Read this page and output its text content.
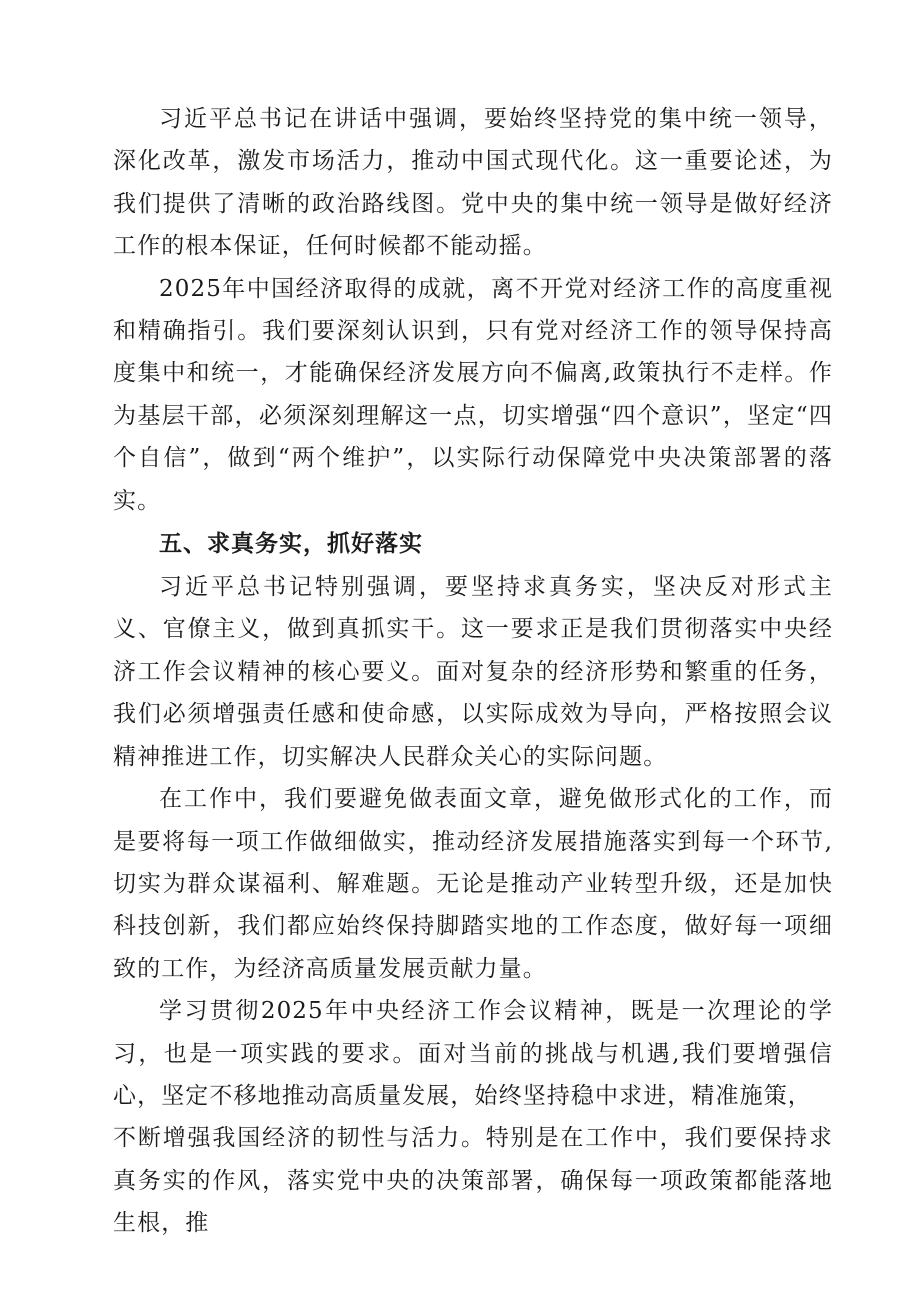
习近平总书记在讲话中强调，要始终坚持党的集中统一领导，深化改革，激发市场活力，推动中国式现代化。这一重要论述，为我们提供了清晰的政治路线图。党中央的集中统一领导是做好经济工作的根本保证，任何时候都不能动摇。

2025年中国经济取得的成就，离不开党对经济工作的高度重视和精确指引。我们要深刻认识到，只有党对经济工作的领导保持高度集中和统一，才能确保经济发展方向不偏离,政策执行不走样。作为基层干部，必须深刻理解这一点，切实增强“四个意识”，坚定“四个自信”，做到“两个维护”，以实际行动保障党中央决策部署的落实。

五、求真务实，抓好落实

习近平总书记特别强调，要坚持求真务实，坚决反对形式主义、官僚主义，做到真抓实干。这一要求正是我们贯彻落实中央经济工作会议精神的核心要义。面对复杂的经济形势和繁重的任务，我们必须增强责任感和使命感，以实际成效为导向，严格按照会议精神推进工作，切实解决人民群众关心的实际问题。

在工作中，我们要避免做表面文章，避免做形式化的工作，而是要将每一项工作做细做实，推动经济发展措施落实到每一个环节,切实为群众谋福利、解难题。无论是推动产业转型升级，还是加快科技创新，我们都应始终保持脚踏实地的工作态度，做好每一项细致的工作，为经济高质量发展贡献力量。

学习贯彻2025年中央经济工作会议精神，既是一次理论的学习，也是一项实践的要求。面对当前的挑战与机遇,我们要增强信心，坚定不移地推动高质量发展，始终坚持稳中求进，精准施策，

不断增强我国经济的韧性与活力。特别是在工作中，我们要保持求真务实的作风，落实党中央的决策部署，确保每一项政策都能落地生根，推
